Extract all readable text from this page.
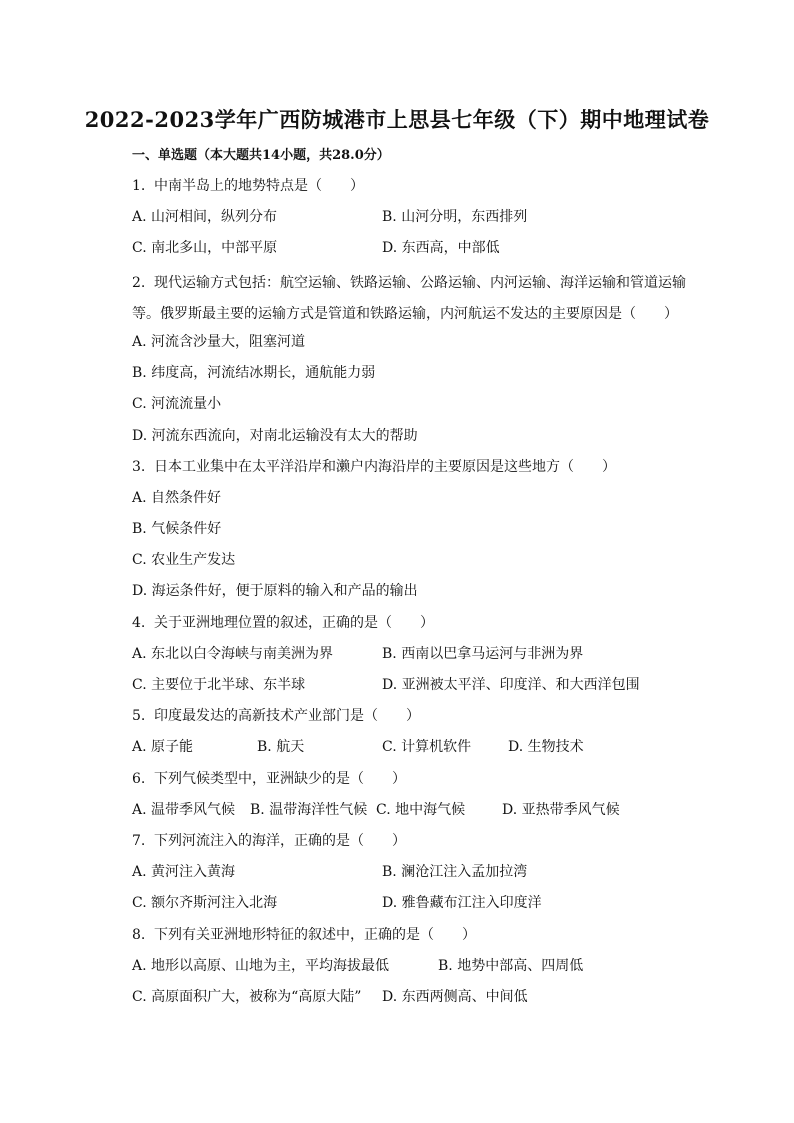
2022-2023学年广西防城港市上思县七年级（下）期中地理试卷
一、单选题（本大题共14小题，共28.0分）
1. 中南半岛上的地势特点是（　　）
A. 山河相间，纵列分布	B. 山河分明，东西排列
C. 南北多山，中部平原	D. 东西高，中部低
2. 现代运输方式包括：航空运输、铁路运输、公路运输、内河运输、海洋运输和管道运输等。俄罗斯最主要的运输方式是管道和铁路运输，内河航运不发达的主要原因是（　　）
A. 河流含沙量大，阻塞河道
B. 纬度高，河流结冰期长，通航能力弱
C. 河流流量小
D. 河流东西流向，对南北运输没有太大的帮助
3. 日本工业集中在太平洋沿岸和濑户内海沿岸的主要原因是这些地方（　　）
A. 自然条件好
B. 气候条件好
C. 农业生产发达
D. 海运条件好，便于原料的输入和产品的输出
4. 关于亚洲地理位置的叙述，正确的是（　　）
A. 东北以白令海峡与南美洲为界	B. 西南以巴拿马运河与非洲为界
C. 主要位于北半球、东半球	D. 亚洲被太平洋、印度洋、和大西洋包围
5. 印度最发达的高新技术产业部门是（　　）
A. 原子能	B. 航天	C. 计算机软件	D. 生物技术
6. 下列气候类型中，亚洲缺少的是（　　）
A. 温带季风气候 B. 温带海洋性气候 C. 地中海气候	D. 亚热带季风气候
7. 下列河流注入的海洋，正确的是（　　）
A. 黄河注入黄海	B. 澜沧江注入孟加拉湾
C. 额尔齐斯河注入北海	D. 雅鲁藏布江注入印度洋
8. 下列有关亚洲地形特征的叙述中，正确的是（　　）
A. 地形以高原、山地为主，平均海拔最低	B. 地势中部高、四周低
C. 高原面积广大，被称为“高原大陆” D. 东西两侧高、中间低
